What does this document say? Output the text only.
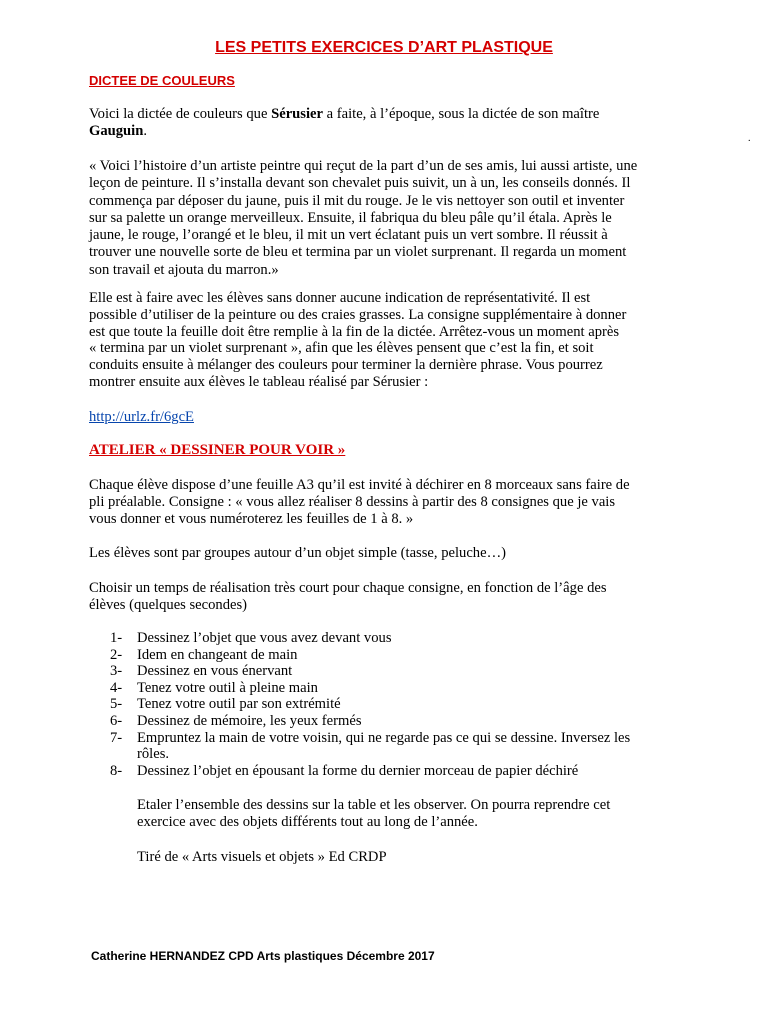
LES PETITS EXERCICES D’ART PLASTIQUE
DICTEE DE COULEURS
Voici la dictée de couleurs que Sérusier a faite, à l’époque, sous la dictée de son maître
Gauguin.	.
« Voici l’histoire d’un artiste peintre qui reçut de la part d’un de ses amis, lui aussi artiste, une
leçon de peinture. Il s’installa devant son chevalet puis suivit, un à un, les conseils donnés. Il
commença par déposer du jaune, puis il mit du rouge. Je le vis nettoyer son outil et inventer
sur sa palette un orange merveilleux. Ensuite, il fabriqua du bleu pâle qu’il étala. Après le
jaune, le rouge, l’orangé et le bleu, il mit un vert éclatant puis un vert sombre. Il réussit à
trouver une nouvelle sorte de bleu et termina par un violet surprenant. Il regarda un moment
son travail et ajouta du marron.»
Elle est à faire avec les élèves sans donner aucune indication de représentativité. Il est
possible d’utiliser de la peinture ou des craies grasses. La consigne supplémentaire à donner
est que toute la feuille doit être remplie à la fin de la dictée. Arrêtez-vous un moment après
« termina par un violet surprenant », afin que les élèves pensent que c’est la fin, et soit
conduits ensuite à mélanger des couleurs pour terminer la dernière phrase. Vous pourrez
montrer ensuite aux élèves le tableau réalisé par Sérusier :
http://urlz.fr/6gcE
ATELIER « DESSINER POUR VOIR »
Chaque élève dispose d’une feuille A3 qu’il est invité à déchirer en 8 morceaux sans faire de
pli préalable. Consigne : « vous allez réaliser 8 dessins à partir des 8 consignes que je vais
vous donner et vous numéroterez les feuilles de 1 à 8. »
Les élèves sont par groupes autour d’un objet simple (tasse, peluche…)
Choisir un temps de réalisation très court pour chaque consigne, en fonction de l’âge des
élèves (quelques secondes)
1- Dessinez l’objet que vous avez devant vous
2- Idem en changeant de main
3- Dessinez en vous énervant
4- Tenez votre outil à pleine main
5- Tenez votre outil par son extrémité
6- Dessinez de mémoire, les yeux fermés
7- Empruntez la main de votre voisin, qui ne regarde pas ce qui se dessine. Inversez les
rôles.
8- Dessinez l’objet en épousant la forme du dernier morceau de papier déchiré
Etaler l’ensemble des dessins sur la table et les observer. On pourra reprendre cet
exercice avec des objets différents tout au long de l’année.
Tiré de « Arts visuels et objets » Ed CRDP
Catherine HERNANDEZ CPD Arts plastiques Décembre 2017
